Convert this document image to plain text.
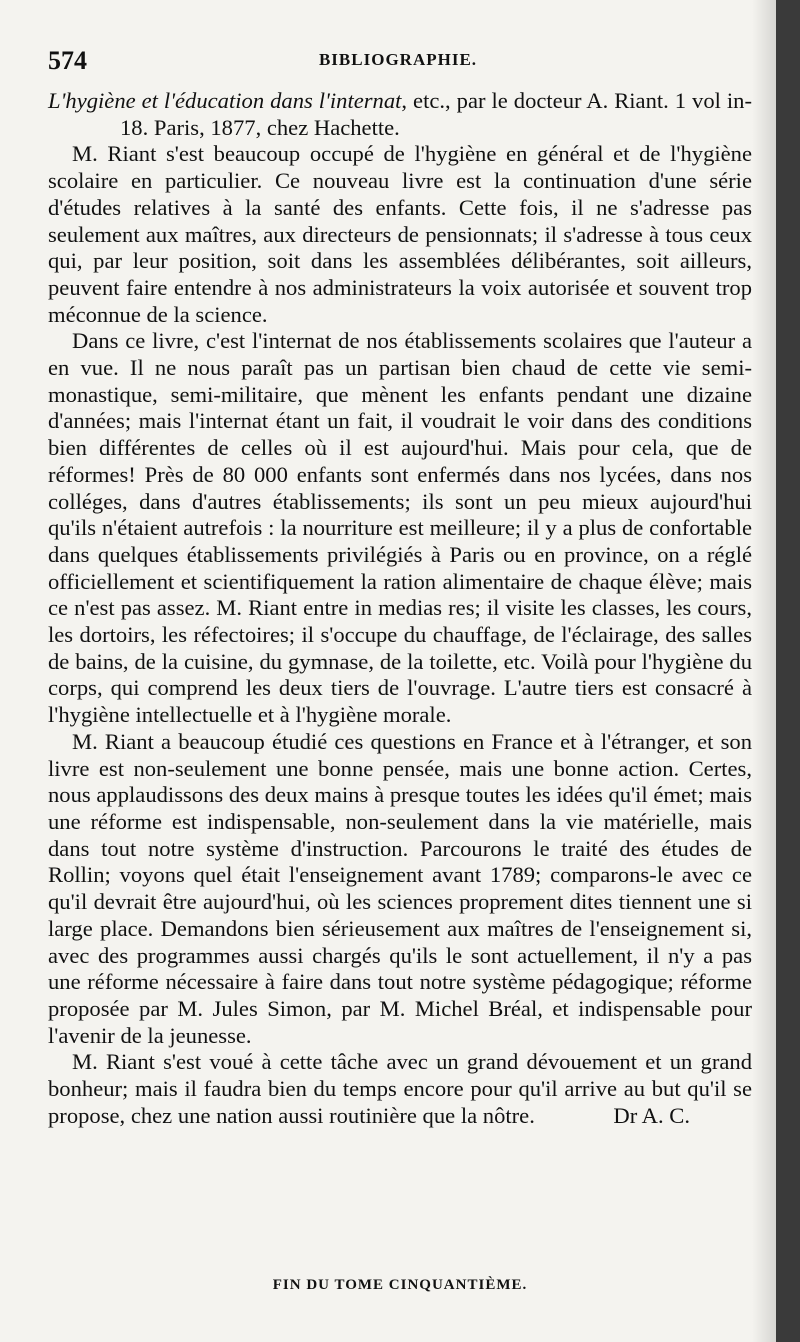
574	BIBLIOGRAPHIE.

L'hygiène et l'éducation dans l'internat, etc., par le docteur A. Riant. 1 vol in-18. Paris, 1877, chez Hachette.

M. Riant s'est beaucoup occupé de l'hygiène en général et de l'hygiène scolaire en particulier. Ce nouveau livre est la continuation d'une série d'études relatives à la santé des enfants. Cette fois, il ne s'adresse pas seulement aux maîtres, aux directeurs de pensionnats; il s'adresse à tous ceux qui, par leur position, soit dans les assemblées délibérantes, soit ailleurs, peuvent faire entendre à nos administrateurs la voix autorisée et souvent trop méconnue de la science.

Dans ce livre, c'est l'internat de nos établissements scolaires que l'auteur a en vue. Il ne nous paraît pas un partisan bien chaud de cette vie semi-monastique, semi-militaire, que mènent les enfants pendant une dizaine d'années; mais l'internat étant un fait, il voudrait le voir dans des conditions bien différentes de celles où il est aujourd'hui. Mais pour cela, que de réformes! Près de 80 000 enfants sont enfermés dans nos lycées, dans nos colléges, dans d'autres établissements; ils sont un peu mieux aujourd'hui qu'ils n'étaient autrefois : la nourriture est meilleure; il y a plus de confortable dans quelques établissements privilégiés à Paris ou en province, on a réglé officiellement et scientifiquement la ration alimentaire de chaque élève; mais ce n'est pas assez. M. Riant entre in medias res; il visite les classes, les cours, les dortoirs, les réfectoires; il s'occupe du chauffage, de l'éclairage, des salles de bains, de la cuisine, du gymnase, de la toilette, etc. Voilà pour l'hygiène du corps, qui comprend les deux tiers de l'ouvrage. L'autre tiers est consacré à l'hygiène intellectuelle et à l'hygiène morale.

M. Riant a beaucoup étudié ces questions en France et à l'étranger, et son livre est non-seulement une bonne pensée, mais une bonne action. Certes, nous applaudissons des deux mains à presque toutes les idées qu'il émet; mais une réforme est indispensable, non-seulement dans la vie matérielle, mais dans tout notre système d'instruction. Parcourons le traité des études de Rollin; voyons quel était l'enseignement avant 1789; comparons-le avec ce qu'il devrait être aujourd'hui, où les sciences proprement dites tiennent une si large place. Demandons bien sérieusement aux maîtres de l'enseignement si, avec des programmes aussi chargés qu'ils le sont actuellement, il n'y a pas une réforme nécessaire à faire dans tout notre système pédagogique; réforme proposée par M. Jules Simon, par M. Michel Bréal, et indispensable pour l'avenir de la jeunesse.

M. Riant s'est voué à cette tâche avec un grand dévouement et un grand bonheur; mais il faudra bien du temps encore pour qu'il arrive au but qu'il se propose, chez une nation aussi routinière que la nôtre.	Dr A. C.

FIN DU TOME CINQUANTIÈME.
